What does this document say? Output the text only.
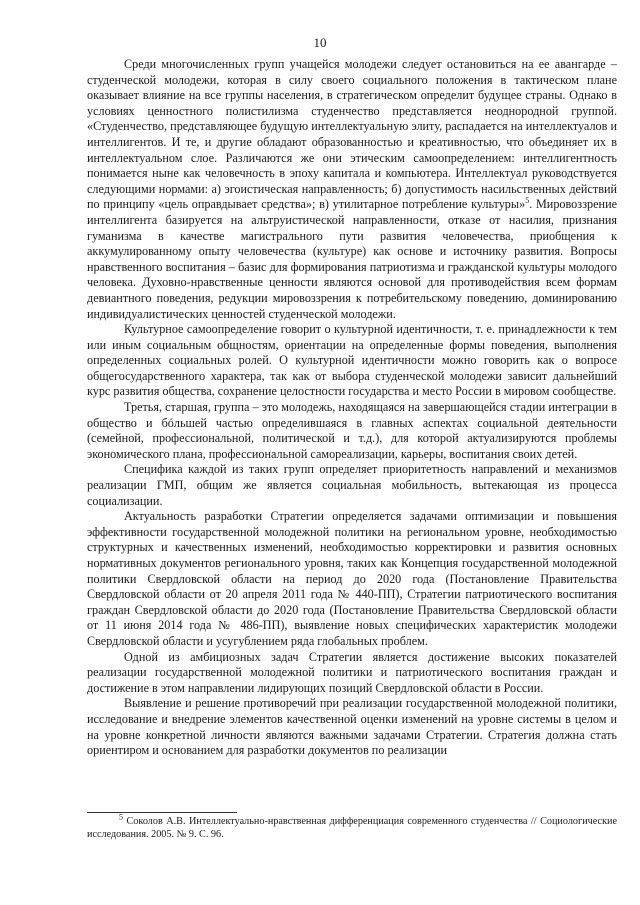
10

Среди многочисленных групп учащейся молодежи следует остановиться на ее авангарде – студенческой молодежи, которая в силу своего социального положения в тактическом плане оказывает влияние на все группы населения, в стратегическом определит будущее страны. Однако в условиях ценностного полистилизма студенчество представляется неоднородной группой. «Студенчество, представляющее будущую интеллектуальную элиту, распадается на интеллектуалов и интеллигентов. И те, и другие обладают образованностью и креативностью, что объединяет их в интеллектуальном слое. Различаются же они этическим самоопределением: интеллигентность понимается ныне как человечность в эпоху капитала и компьютера. Интеллектуал руководствуется следующими нормами: а) эгоистическая направленность; б) допустимость насильственных действий по принципу «цель оправдывает средства»; в) утилитарное потребление культуры»$^5$. Мировоззрение интеллигента базируется на альтруистической направленности, отказе от насилия, признания гуманизма в качестве магистрального пути развития человечества, приобщения к аккумулированному опыту человечества (культуре) как основе и источнику развития. Вопросы нравственного воспитания – базис для формирования патриотизма и гражданской культуры молодого человека. Духовно-нравственные ценности являются основой для противодействия всем формам девиантного поведения, редукции мировоззрения к потребительскому поведению, доминированию индивидуалистических ценностей студенческой молодежи.

Культурное самоопределение говорит о культурной идентичности, т. е. принадлежности к тем или иным социальным общностям, ориентации на определенные формы поведения, выполнения определенных социальных ролей. О культурной идентичности можно говорить как о вопросе общегосударственного характера, так как от выбора студенческой молодежи зависит дальнейший курс развития общества, сохранение целостности государства и место России в мировом сообществе.

Третья, старшая, группа – это молодежь, находящаяся на завершающейся стадии интеграции в общество и бóльшей частью определившаяся в главных аспектах социальной деятельности (семейной, профессиональной, политической и т.д.), для которой актуализируются проблемы экономического плана, профессиональной самореализации, карьеры, воспитания своих детей.

Специфика каждой из таких групп определяет приоритетность направлений и механизмов реализации ГМП, общим же является социальная мобильность, вытекающая из процесса социализации.

Актуальность разработки Стратегии определяется задачами оптимизации и повышения эффективности государственной молодежной политики на региональном уровне, необходимостью структурных и качественных изменений, необходимостью корректировки и развития основных нормативных документов регионального уровня, таких как Концепция государственной молодежной политики Свердловской области на период до 2020 года (Постановление Правительства Свердловской области от 20 апреля 2011 года № 440-ПП), Стратегии патриотического воспитания граждан Свердловской области до 2020 года (Постановление Правительства Свердловской области от 11 июня 2014 года № 486-ПП), выявление новых специфических характеристик молодежи Свердловской области и усугублением ряда глобальных проблем.

Одной из амбициозных задач Стратегии является достижение высоких показателей реализации государственной молодежной политики и патриотического воспитания граждан и достижение в этом направлении лидирующих позиций Свердловской области в России.

Выявление и решение противоречий при реализации государственной молодежной политики, исследование и внедрение элементов качественной оценки изменений на уровне системы в целом и на уровне конкретной личности являются важными задачами Стратегии. Стратегия должна стать ориентиром и основанием для разработки документов по реализации

$^5$ Соколов А.В. Интеллектуально-нравственная дифференциация современного студенчества // Социологические исследования. 2005. № 9. С. 96.
